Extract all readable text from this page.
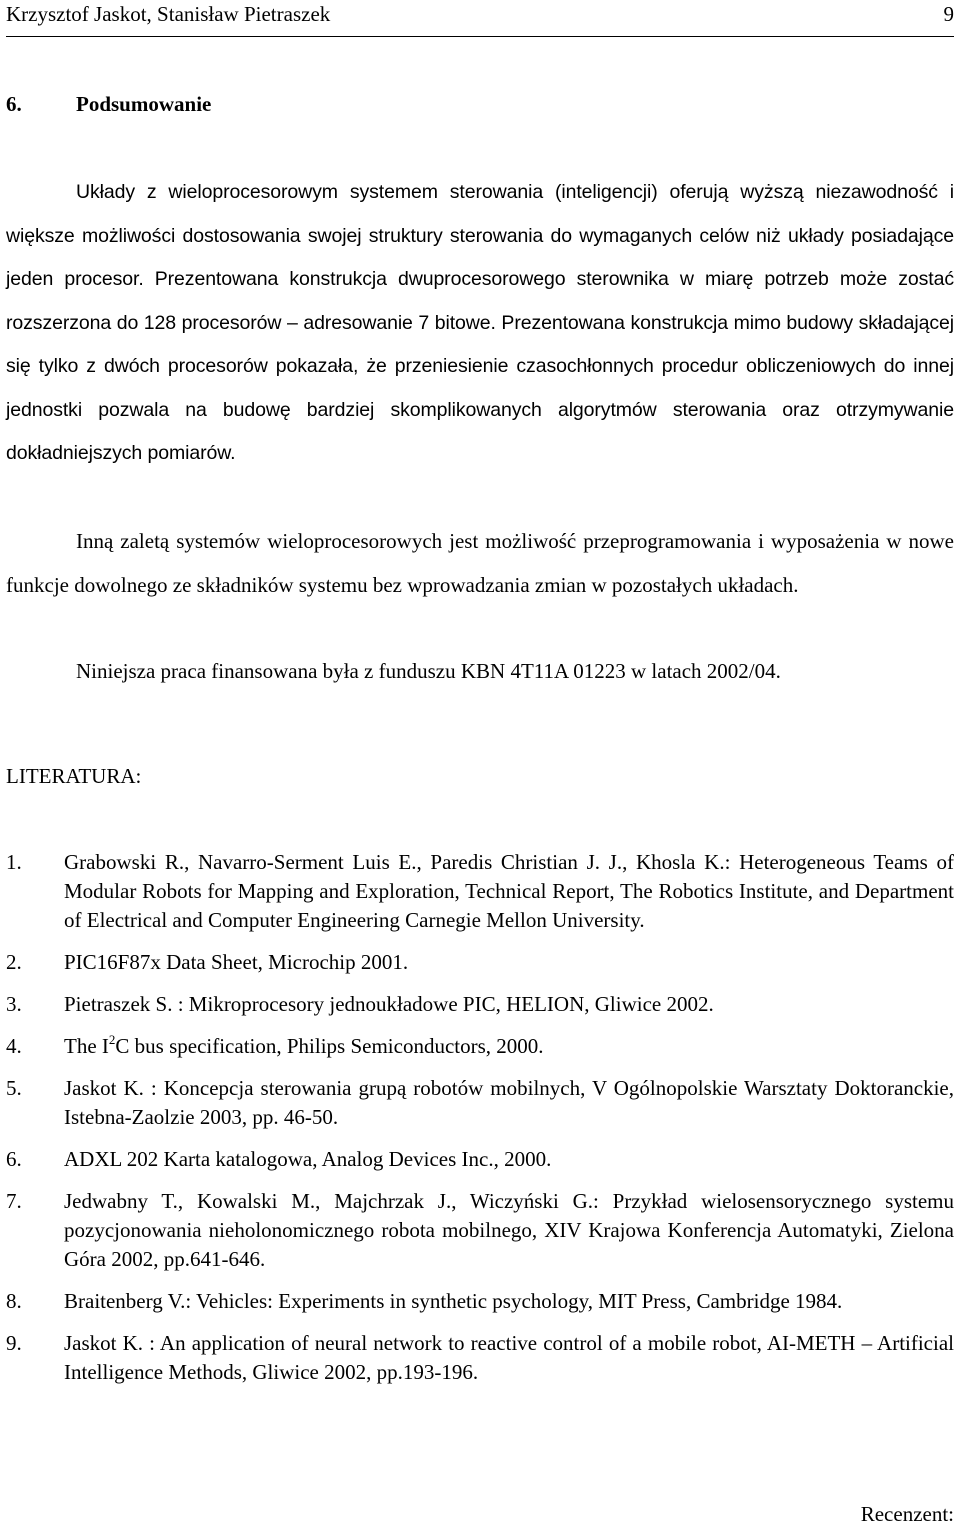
Krzysztof Jaskot, Stanisław Pietraszek	9
6.	Podsumowanie

Układy z wieloprocesorowym systemem sterowania (inteligencji) oferują wyższą niezawodność i większe możliwości dostosowania swojej struktury sterowania do wymaganych celów niż układy posiadające jeden procesor. Prezentowana konstrukcja dwuprocesorowego sterownika w miarę potrzeb może zostać rozszerzona do 128 procesorów – adresowanie 7 bitowe. Prezentowana konstrukcja mimo budowy składającej się tylko z dwóch procesorów pokazała, że przeniesienie czasochłonnych procedur obliczeniowych do innej jednostki pozwala na budowę bardziej skomplikowanych algorytmów sterowania oraz otrzymywanie dokładniejszych pomiarów.

Inną zaletą systemów wieloprocesorowych jest możliwość przeprogramowania i wyposażenia w nowe funkcje dowolnego ze składników systemu bez wprowadzania zmian w pozostałych układach.

Niniejsza praca finansowana była z funduszu KBN 4T11A 01223 w latach 2002/04.

LITERATURA:
1. Grabowski R., Navarro-Serment Luis E., Paredis Christian J. J., Khosla K.: Heterogeneous Teams of Modular Robots for Mapping and Exploration, Technical Report, The Robotics Institute, and Department of Electrical and Computer Engineering Carnegie Mellon University.
2. PIC16F87x Data Sheet, Microchip 2001.
3. Pietraszek S. : Mikroprocesory jednoukładowe PIC, HELION, Gliwice 2002.
4. The $I^2C$ bus specification, Philips Semiconductors, 2000.
5. Jaskot K. : Koncepcja sterowania grupą robotów mobilnych, V Ogólnopolskie Warsztaty Doktoranckie, Istebna-Zaolzie 2003, pp. 46-50.
6. ADXL 202 Karta katalogowa, Analog Devices Inc., 2000.
7. Jedwabny T., Kowalski M., Majchrzak J., Wiczyński G.: Przykład wielosensorycznego systemu pozycjonowania nieholonomicznego robota mobilnego, XIV Krajowa Konferencja Automatyki, Zielona Góra 2002, pp.641-646.
8. Braitenberg V.: Vehicles: Experiments in synthetic psychology, MIT Press, Cambridge 1984.
9. Jaskot K. : An application of neural network to reactive control of a mobile robot, AI-METH – Artificial Intelligence Methods, Gliwice 2002, pp.193-196.
Recenzent:
